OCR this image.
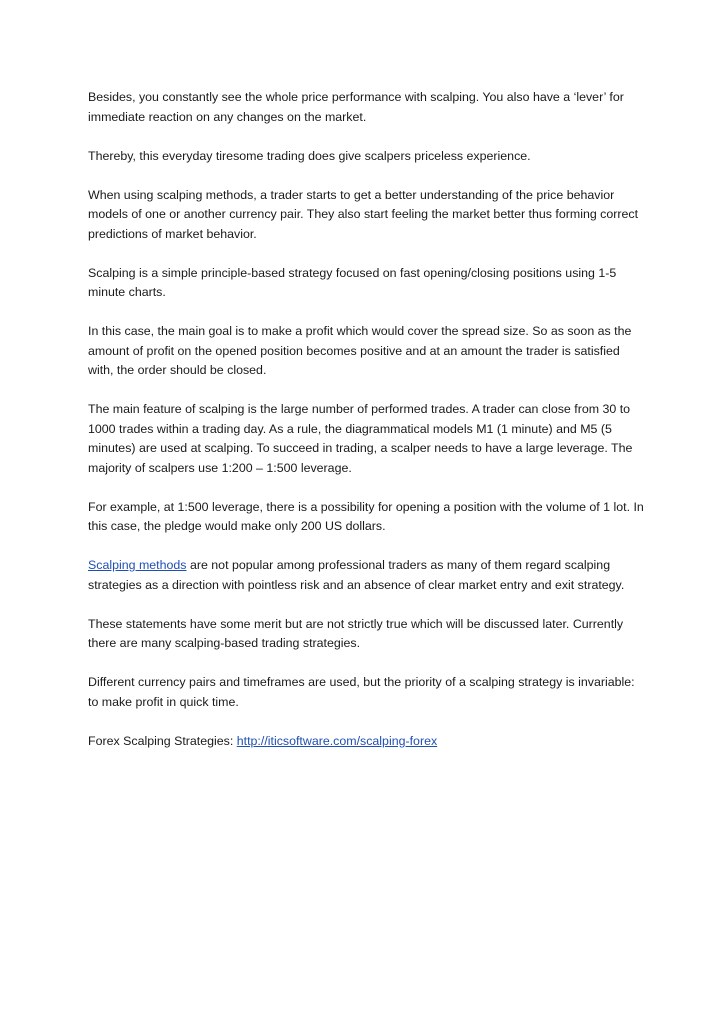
Besides, you constantly see the whole price performance with scalping. You also have a ‘lever’ for immediate reaction on any changes on the market.

Thereby, this everyday tiresome trading does give scalpers priceless experience.

When using scalping methods, a trader starts to get a better understanding of the price behavior models of one or another currency pair. They also start feeling the market better thus forming correct predictions of market behavior.

Scalping is a simple principle-based strategy focused on fast opening/closing positions using 1-5 minute charts.

In this case, the main goal is to make a profit which would cover the spread size. So as soon as the amount of profit on the opened position becomes positive and at an amount the trader is satisfied with, the order should be closed.

The main feature of scalping is the large number of performed trades. A trader can close from 30 to 1000 trades within a trading day. As a rule, the diagrammatical models M1 (1 minute) and M5 (5 minutes) are used at scalping. To succeed in trading, a scalper needs to have a large leverage. The majority of scalpers use 1:200 – 1:500 leverage.

For example, at 1:500 leverage, there is a possibility for opening a position with the volume of 1 lot. In this case, the pledge would make only 200 US dollars.

Scalping methods are not popular among professional traders as many of them regard scalping strategies as a direction with pointless risk and an absence of clear market entry and exit strategy.

These statements have some merit but are not strictly true which will be discussed later. Currently there are many scalping-based trading strategies.

Different currency pairs and timeframes are used, but the priority of a scalping strategy is invariable: to make profit in quick time.

Forex Scalping Strategies: http://iticsoftware.com/scalping-forex
